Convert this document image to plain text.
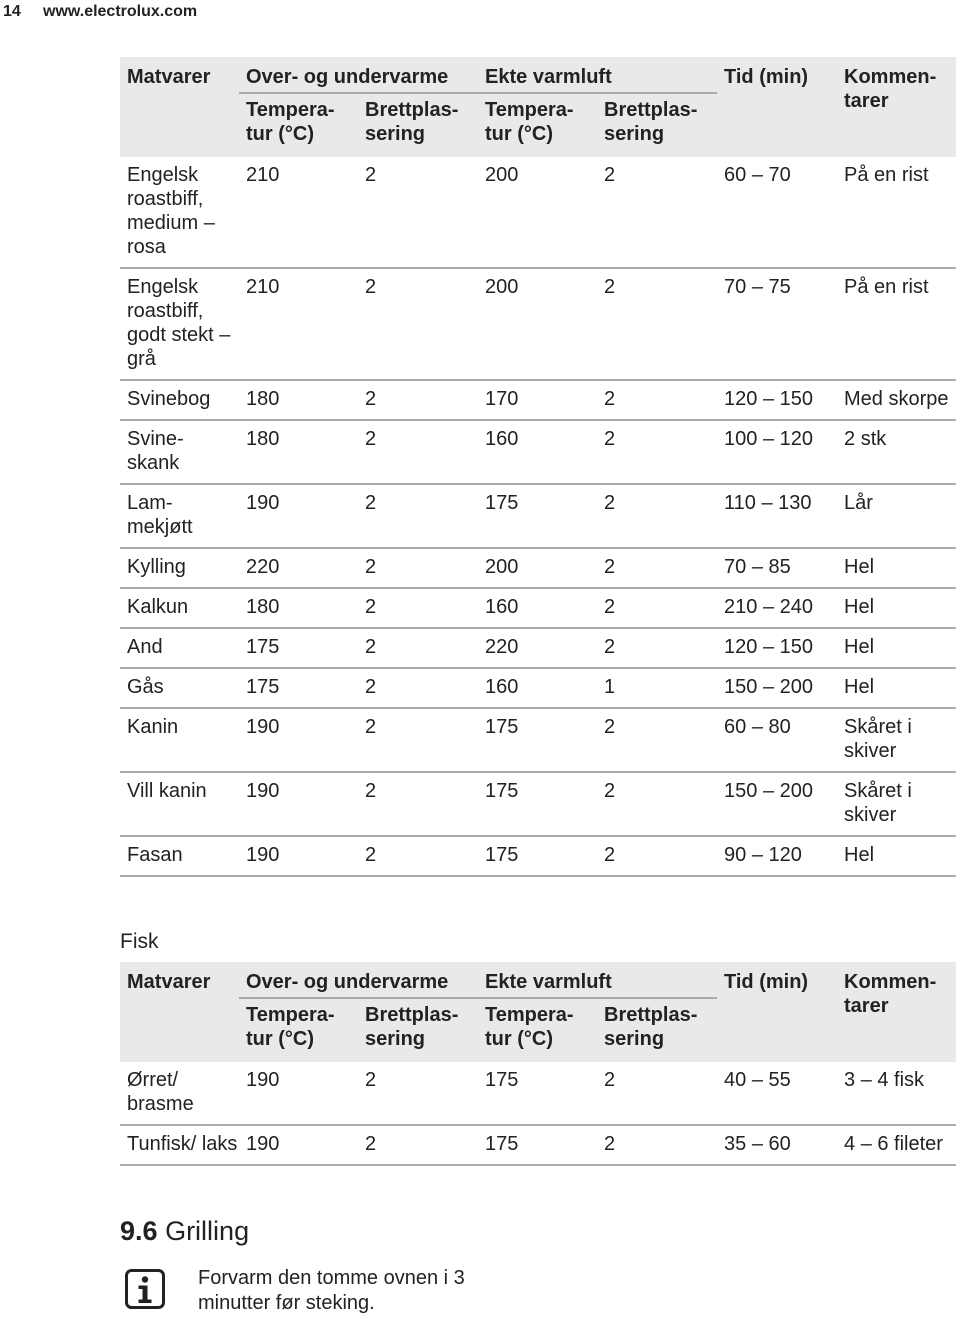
14	www.electrolux.com
Matvarer	Over- og undervarme		Ekte varmluft		Tid (min)	Kommen- tarer
	Tempera- tur (°C)	Brettplas- sering	Tempera- tur (°C)	Brettplas- sering		
Engelsk roastbiff, medium – rosa	210	2	200	2	60 – 70	På en rist
Engelsk roastbiff, godt stekt – grå	210	2	200	2	70 – 75	På en rist
Svinebog	180	2	170	2	120 – 150	Med skorpe
Svine- skank	180	2	160	2	100 – 120	2 stk
Lam- mekjøtt	190	2	175	2	110 – 130	Lår
Kylling	220	2	200	2	70 – 85	Hel
Kalkun	180	2	160	2	210 – 240	Hel
And	175	2	220	2	120 – 150	Hel
Gås	175	2	160	1	150 – 200	Hel
Kanin	190	2	175	2	60 – 80	Skåret i skiver
Vill kanin	190	2	175	2	150 – 200	Skåret i skiver
Fasan	190	2	175	2	90 – 120	Hel
Fisk
Matvarer	Over- og undervarme		Ekte varmluft		Tid (min)	Kommen- tarer
	Tempera- tur (°C)	Brettplas- sering	Tempera- tur (°C)	Brettplas- sering		
Ørret/ brasme	190	2	175	2	40 – 55	3 – 4 fisk
Tunfisk/ laks	190	2	175	2	35 – 60	4 – 6 fileter
9.6 Grilling
Forvarm den tomme ovnen i 3 minutter før steking.
